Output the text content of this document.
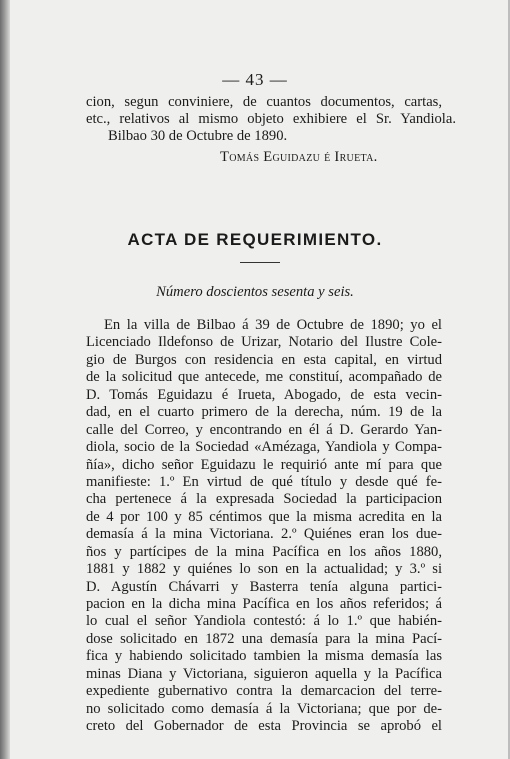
— 43 —
cion, segun conviniere, de cuantos documentos, cartas,
etc., relativos al mismo objeto exhibiere el Sr. Yandiola.
Bilbao 30 de Octubre de 1890.
Tomás Eguidazu é Irueta.
ACTA DE REQUERIMIENTO.
Número doscientos sesenta y seis.
En la villa de Bilbao á 39 de Octubre de 1890; yo el
Licenciado Ildefonso de Urizar, Notario del Ilustre Cole-
gio de Burgos con residencia en esta capital, en virtud
de la solicitud que antecede, me constituí, acompañado de
D. Tomás Eguidazu é Irueta, Abogado, de esta vecin-
dad, en el cuarto primero de la derecha, núm. 19 de la
calle del Correo, y encontrando en él á D. Gerardo Yan-
diola, socio de la Sociedad «Amézaga, Yandiola y Compa-
ñía», dicho señor Eguidazu le requirió ante mí para que
manifieste: 1.º En virtud de qué título y desde qué fe-
cha pertenece á la expresada Sociedad la participacion
de 4 por 100 y 85 céntimos que la misma acredita en la
demasía á la mina Victoriana. 2.º Quiénes eran los due-
ños y partícipes de la mina Pacífica en los años 1880,
1881 y 1882 y quiénes lo son en la actualidad; y 3.º si
D. Agustín Chávarri y Basterra tenía alguna partici-
pacion en la dicha mina Pacífica en los años referidos; á
lo cual el señor Yandiola contestó: á lo 1.º que habién-
dose solicitado en 1872 una demasía para la mina Pací-
fica y habiendo solicitado tambien la misma demasía las
minas Diana y Victoriana, siguieron aquella y la Pacífica
expediente gubernativo contra la demarcacion del terre-
no solicitado como demasía á la Victoriana; que por de-
creto del Gobernador de esta Provincia se aprobó el
